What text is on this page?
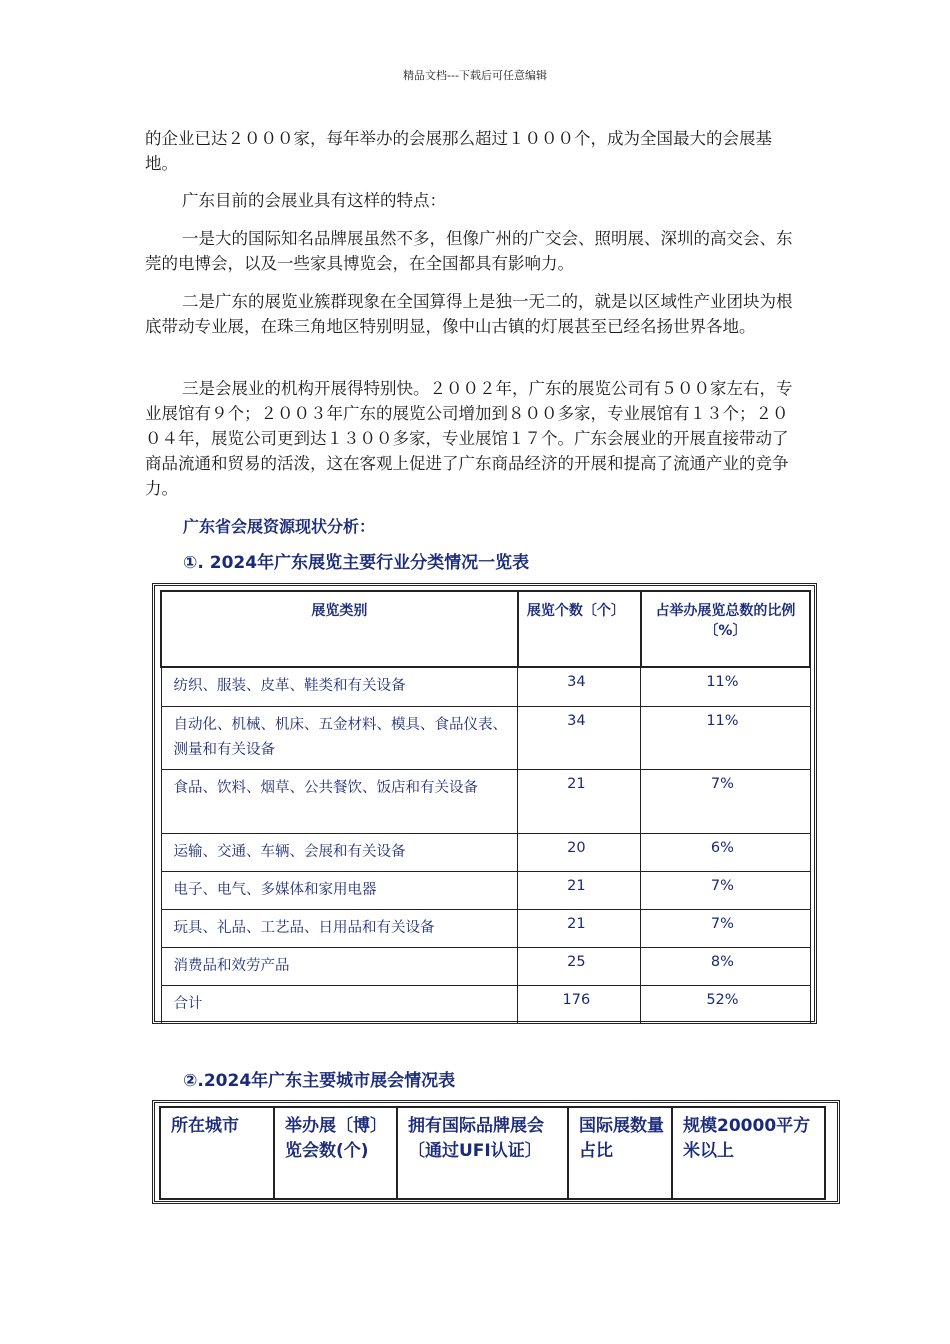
精品文档---下载后可任意编辑
的企业已达２０００家，每年举办的会展那么超过１０００个，成为全国最大的会展基地。
广东目前的会展业具有这样的特点：
一是大的国际知名品牌展虽然不多，但像广州的广交会、照明展、深圳的高交会、东莞的电博会，以及一些家具博览会，在全国都具有影响力。
二是广东的展览业簇群现象在全国算得上是独一无二的，就是以区域性产业团块为根底带动专业展，在珠三角地区特别明显，像中山古镇的灯展甚至已经名扬世界各地。
三是会展业的机构开展得特别快。２００２年，广东的展览公司有５００家左右，专业展馆有９个；２００３年广东的展览公司增加到８００多家，专业展馆有１３个；２００４年，展览公司更到达１３００多家，专业展馆１７个。广东会展业的开展直接带动了商品流通和贸易的活泼，这在客观上促进了广东商品经济的开展和提高了流通产业的竞争力。
广东省会展资源现状分析：
①. 2024年广东展览主要行业分类情况一览表
展览类别	展览个数〔个〕	占举办展览总数的比例〔%〕
纺织、服装、皮革、鞋类和有关设备	34	11%
自动化、机械、机床、五金材料、模具、食品仪表、测量和有关设备	34	11%
食品、饮料、烟草、公共餐饮、饭店和有关设备	21	7%
运输、交通、车辆、会展和有关设备	20	6%
电子、电气、多媒体和家用电器	21	7%
玩具、礼品、工艺品、日用品和有关设备	21	7%
消费品和效劳产品	25	8%
合计	176	52%
②.2024年广东主要城市展会情况表
所在城市	举办展〔博〕览会数(个)	拥有国际品牌展会〔通过UFI认证〕	国际展数量占比	规模20000平方米以上
